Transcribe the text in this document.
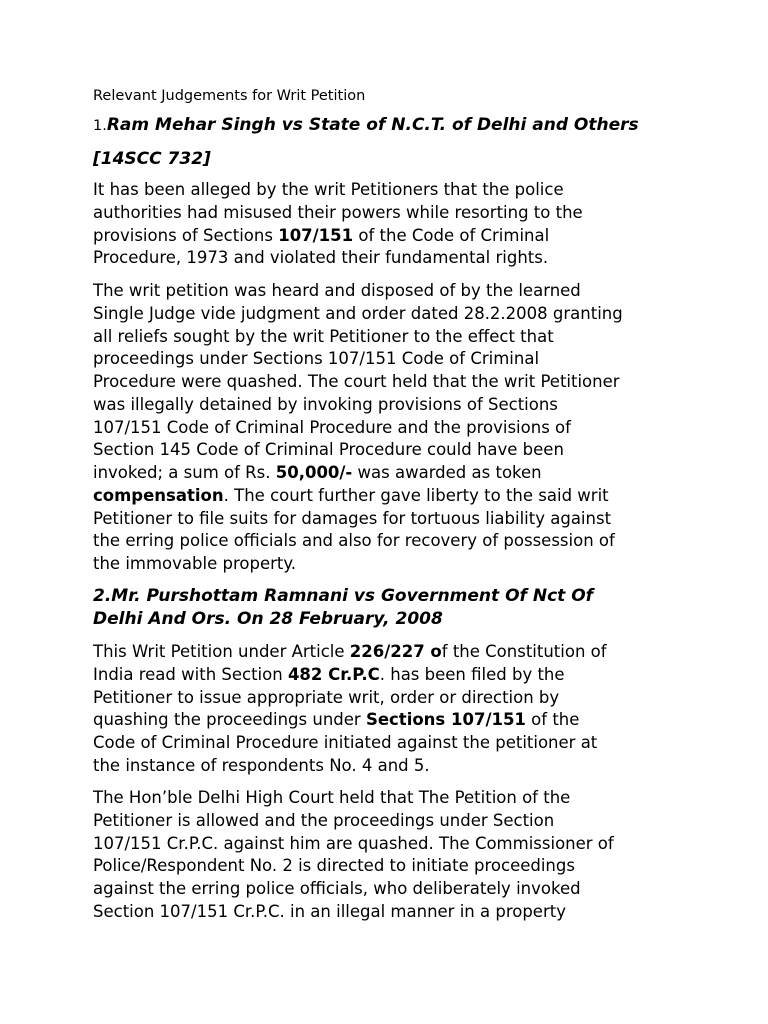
Relevant Judgements for Writ Petition
1.Ram Mehar Singh vs State of N.C.T. of Delhi and Others
[14SCC 732]
It has been alleged by the writ Petitioners that the police
authorities had misused their powers while resorting to the
provisions of Sections 107/151 of the Code of Criminal
Procedure, 1973 and violated their fundamental rights.
The writ petition was heard and disposed of by the learned
Single Judge vide judgment and order dated 28.2.2008 granting
all reliefs sought by the writ Petitioner to the effect that
proceedings under Sections 107/151 Code of Criminal
Procedure were quashed. The court held that the writ Petitioner
was illegally detained by invoking provisions of Sections
107/151 Code of Criminal Procedure and the provisions of
Section 145 Code of Criminal Procedure could have been
invoked; a sum of Rs. 50,000/- was awarded as token
compensation. The court further gave liberty to the said writ
Petitioner to file suits for damages for tortuous liability against
the erring police officials and also for recovery of possession of
the immovable property.
2.Mr. Purshottam Ramnani vs Government Of Nct Of
Delhi And Ors. On 28 February, 2008
This Writ Petition under Article 226/227 of the Constitution of
India read with Section 482 Cr.P.C. has been filed by the
Petitioner to issue appropriate writ, order or direction by
quashing the proceedings under Sections 107/151 of the
Code of Criminal Procedure initiated against the petitioner at
the instance of respondents No. 4 and 5.
The Hon’ble Delhi High Court held that The Petition of the
Petitioner is allowed and the proceedings under Section
107/151 Cr.P.C. against him are quashed. The Commissioner of
Police/Respondent No. 2 is directed to initiate proceedings
against the erring police officials, who deliberately invoked
Section 107/151 Cr.P.C. in an illegal manner in a property
